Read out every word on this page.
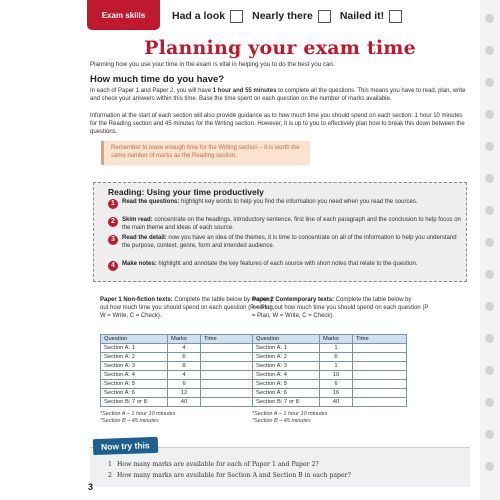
Exam skills	Had a look	Nearly there	Nailed it!
Planning your exam time
Planning how you use your time in the exam is vital in helping you to do the best you can.
How much time do you have?

In each of Paper 1 and Paper 2, you will have 1 hour and 55 minutes to complete all the questions. This means you have to read, plan, write and check your answers within this time. Base the time spent on each question on the number of marks available.

Information at the start of each section will also provide guidance as to how much time you should spend on each section: 1 hour 10 minutes for the Reading section and 45 minutes for the Writing section. However, it is up to you to effectively plan how to break this down between the questions.

Remember to leave enough time for the Writing section – it is worth the same number of marks as the Reading section.
Reading: Using your time productively
1	Read the questions: highlight key words to help you find the information you need when you read the sources.
2	Skim read: concentrate on the headings, introductory sentence, first line of each paragraph and the conclusion to help focus on the main theme and ideas of each source.
3	Read the detail: now you have an idea of the themes, it is time to concentrate on all of the information to help you understand the purpose, context, genre, form and intended audience.
4	Make notes: highlight and annotate the key features of each source with short notes that relate to the question.
Paper 1 Non-fiction texts: Complete the table below by working out how much time you should spend on each question (P = Plan, W = Write, C = Check).
Question	Marks	Time
Section A: 1	4	
Section A: 2	6	
Section A: 3	8	
Section A: 4	4	
Section A: 5	6	
Section A: 6	12	
Section B: 7 or 8	40	
*Section A – 1 hour 10 minutes
*Section B – 45 minutes
Paper 2 Contemporary texts: Complete the table below by working out how much time you should spend on each question (P = Plan, W = Write, C = Check).
Question	Marks	Time
Section A: 1	1	
Section A: 2	6	
Section A: 3	1	
Section A: 4	10	
Section A: 5	6	
Section A: 6	16	
Section B: 7 or 8	40	
*Section A – 1 hour 10 minutes
*Section B – 45 minutes
Now try this
1 How many marks are available for each of Paper 1 and Paper 2?
2 How many marks are available for Section A and Section B in each paper?
3
